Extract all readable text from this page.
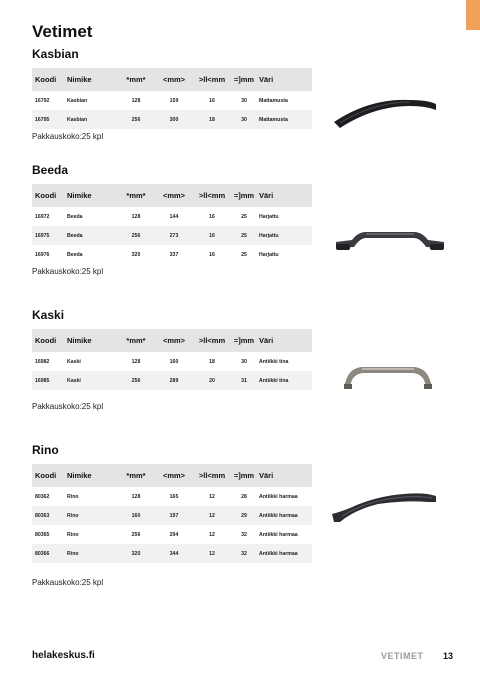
Vetimet
Kasbian
Koodi	Nimike	*mm*	<mm>	>ll<mm	=]mm	Väri
16792	Kasbian	128	159	16	30	Mattamusta
16795	Kasbian	256	300	18	30	Mattamusta
Pakkauskoko:25 kpl
Beeda
Koodi	Nimike	*mm*	<mm>	>ll<mm	=]mm	Väri
16972	Beeda	128	144	16	25	Harjattu
16975	Beeda	256	273	16	25	Harjattu
16976	Beeda	320	337	16	25	Harjattu
Pakkauskoko:25 kpl
Kaski
Koodi	Nimike	*mm*	<mm>	>ll<mm	=]mm	Väri
16982	Kaski	128	160	18	30	Antiikki tina
16985	Kaski	256	289	20	31	Antiikki tina
Pakkauskoko:25 kpl
Rino
Koodi	Nimike	*mm*	<mm>	>ll<mm	=]mm	Väri
80362	Rino	128	165	12	28	Antiikki harmaa
80363	Rino	160	197	12	29	Antiikki harmaa
80365	Rino	256	294	12	32	Antiikki harmaa
80366	Rino	320	344	12	32	Antiikki harmaa
Pakkauskoko:25 kpl
helakeskus.fi	VETIMET 13
